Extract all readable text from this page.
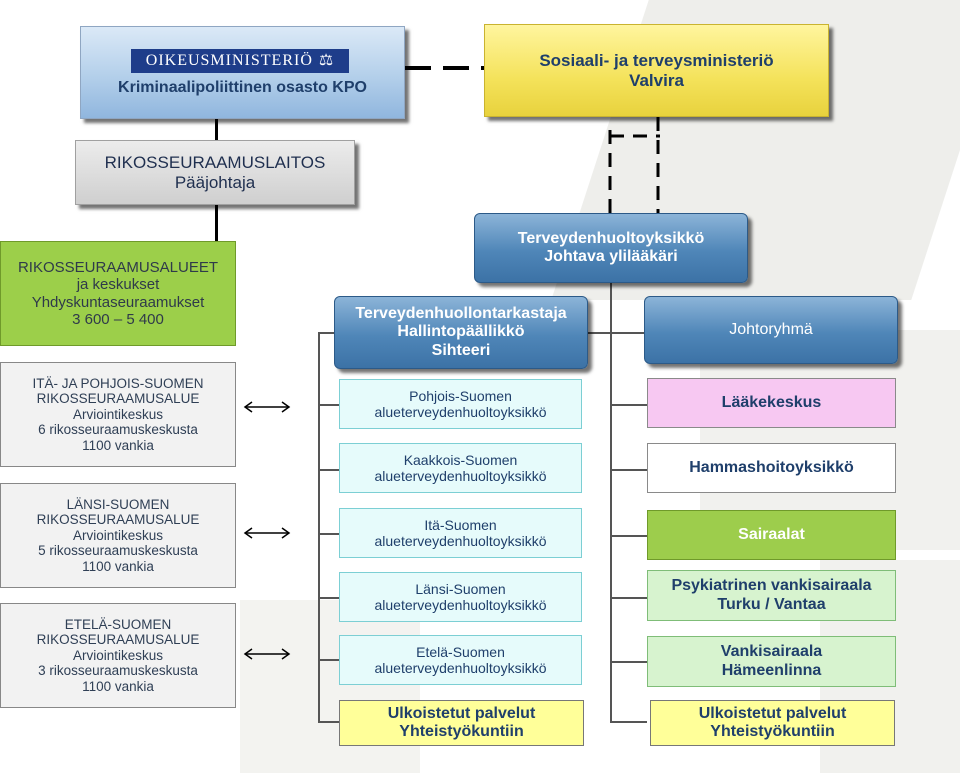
OIKEUSMINISTERIÖ ⚖
Kriminaalipoliittinen osasto KPO
Sosiaali- ja terveysministeriö
Valvira
RIKOSSEURAAMUSLAITOS
Pääjohtaja
RIKOSSEURAAMUSALUEET
ja keskukset
Yhdyskuntaseuraamukset
3 600 – 5 400
ITÄ- JA POHJOIS-SUOMEN
RIKOSSEURAAMUSALUE
Arviointikeskus
6 rikosseuraamuskeskusta
1100 vankia
LÄNSI-SUOMEN
RIKOSSEURAAMUSALUE
Arviointikeskus
5 rikosseuraamuskeskusta
1100 vankia
ETELÄ-SUOMEN
RIKOSSEURAAMUSALUE
Arviointikeskus
3 rikosseuraamuskeskusta
1100 vankia
Terveydenhuoltoyksikkö
Johtava ylilääkäri
Terveydenhuollontarkastaja
Hallintopäällikkö
Sihteeri
Johtoryhmä
Pohjois-Suomen
alueterveydenhuoltoyksikkö
Kaakkois-Suomen
alueterveydenhuoltoyksikkö
Itä-Suomen
alueterveydenhuoltoyksikkö
Länsi-Suomen
alueterveydenhuoltoyksikkö
Etelä-Suomen
alueterveydenhuoltoyksikkö
Ulkoistetut palvelut
Yhteistyökuntiin
Lääkekeskus
Hammashoitoyksikkö
Sairaalat
Psykiatrinen vankisairaala
Turku / Vantaa
Vankisairaala
Hämeenlinna
Ulkoistetut palvelut
Yhteistyökuntiin
